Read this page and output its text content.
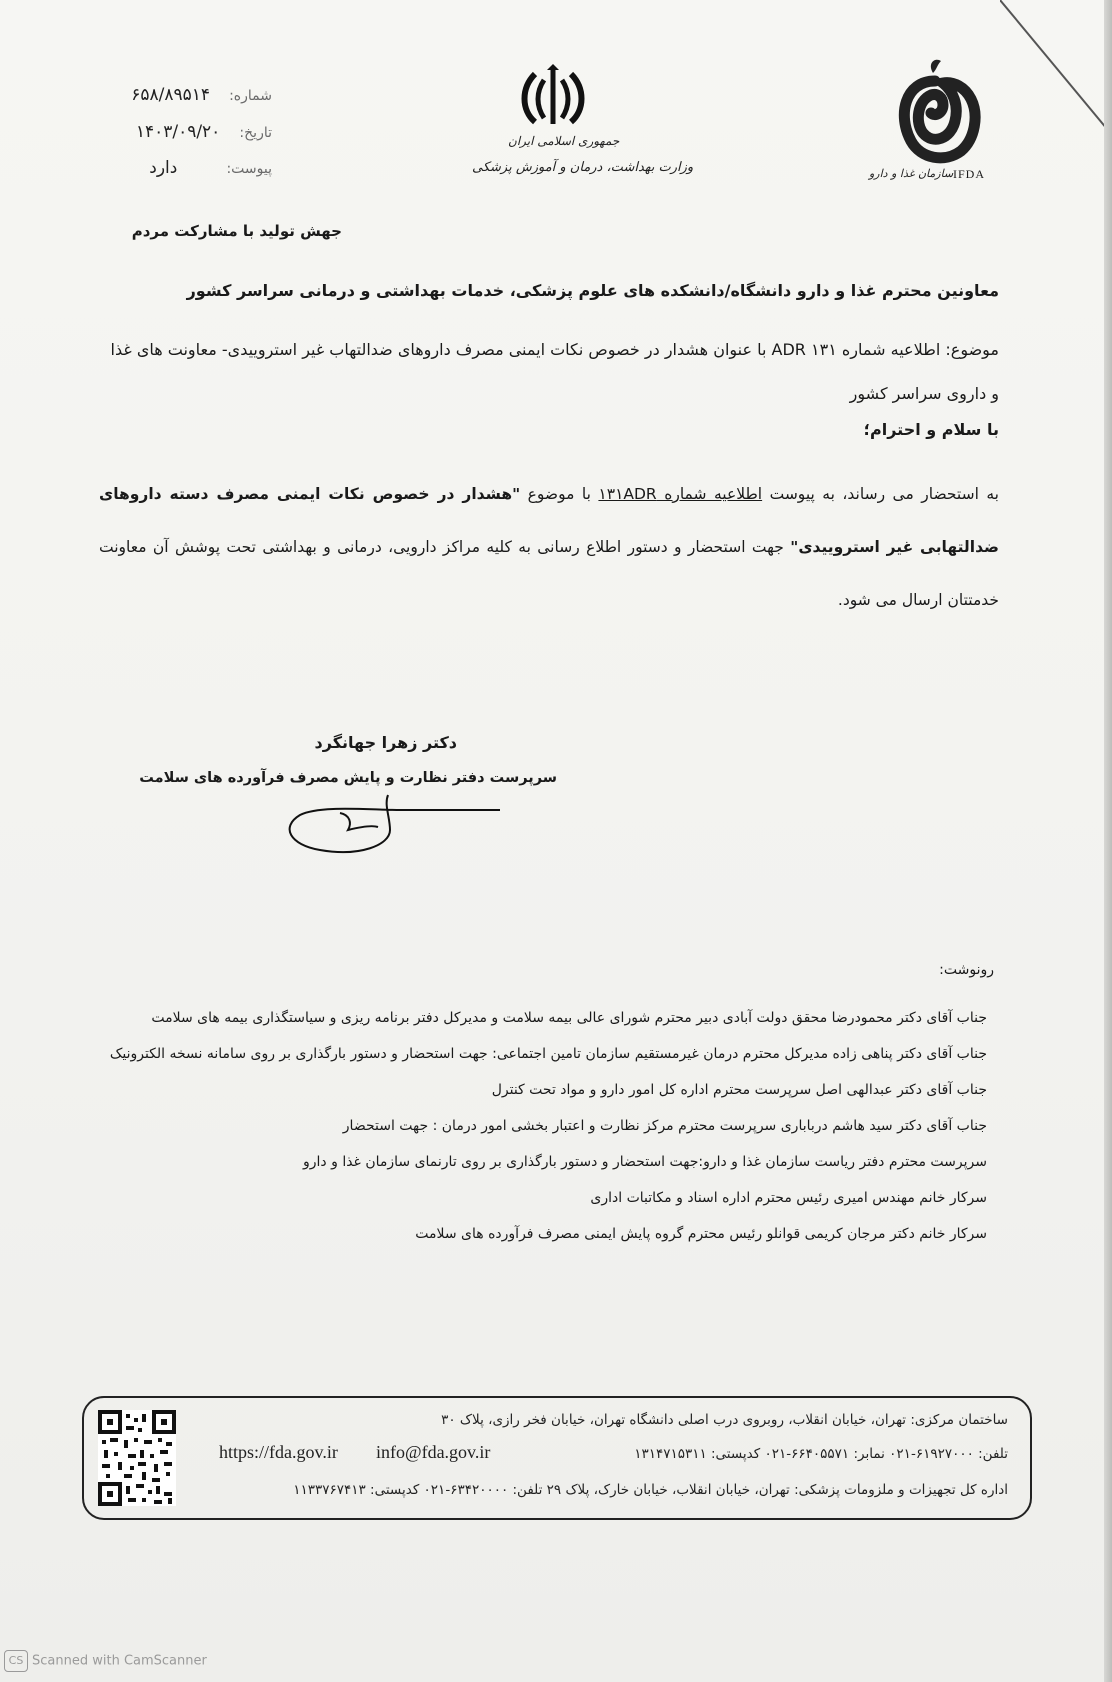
سازمان غذا و دارو IFDA
جمهوری اسلامی ایران
وزارت بهداشت، درمان و آموزش پزشکی
شماره: ۶۵۸/۸۹۵۱۴
تاریخ: ۱۴۰۳/۰۹/۲۰
پیوست: دارد
جهش تولید با مشارکت مردم
معاونین محترم غذا و دارو دانشگاه/دانشکده های علوم پزشکی، خدمات بهداشتی و درمانی سراسر کشور
موضوع: اطلاعیه شماره ۱۳۱ ADR با عنوان هشدار در خصوص نکات ایمنی مصرف داروهای ضدالتهاب غیر استروییدی- معاونت های غذا و داروی سراسر کشور
با سلام و احترام؛
به استحضار می رساند، به پیوست اطلاعیه شماره ۱۳۱ADR با موضوع "هشدار در خصوص نکات ایمنی مصرف دسته داروهای ضدالتهابی غیر استروییدی" جهت استحضار و دستور اطلاع رسانی به کلیه مراکز دارویی، درمانی و بهداشتی تحت پوشش آن معاونت خدمتتان ارسال می شود.
دکتر زهرا جهانگرد
سرپرست دفتر نظارت و پایش مصرف فرآورده های سلامت
رونوشت:
جناب آقای دکتر محمودرضا محقق دولت آبادی دبیر محترم شورای عالی بیمه سلامت و مدیرکل دفتر برنامه ریزی و سیاستگذاری بیمه های سلامت
جناب آقای دکتر پناهی زاده مدیرکل محترم درمان غیرمستقیم سازمان تامین اجتماعی: جهت استحضار و دستور بارگذاری بر روی سامانه نسخه الکترونیک
جناب آقای دکتر عبدالهی اصل سرپرست محترم اداره کل امور دارو و مواد تحت کنترل
جناب آقای دکتر سید هاشم درباباری سرپرست محترم مرکز نظارت و اعتبار بخشی امور درمان : جهت استحضار
سرپرست محترم دفتر ریاست سازمان غذا و دارو:جهت استحضار و دستور بارگذاری بر روی تارنمای سازمان غذا و دارو
سرکار خانم مهندس امیری رئیس محترم اداره اسناد و مکاتبات اداری
سرکار خانم دکتر مرجان کریمی قوانلو رئیس محترم گروه پایش ایمنی مصرف فرآورده های سلامت
ساختمان مرکزی: تهران، خیابان انقلاب، روبروی درب اصلی دانشگاه تهران، خیابان فخر رازی، پلاک ۳۰
تلفن: ۶۱۹۲۷۰۰۰-۰۲۱ نمابر: ۶۶۴۰۵۵۷۱-۰۲۱ کدپستی: ۱۳۱۴۷۱۵۳۱۱
info@fda.gov.ir
https://fda.gov.ir
اداره کل تجهیزات و ملزومات پزشکی: تهران، خیابان انقلاب، خیابان خارک، پلاک ۲۹ تلفن: ۶۳۴۲۰۰۰۰-۰۲۱ کدپستی: ۱۱۳۳۷۶۷۴۱۳
CS Scanned with CamScanner
